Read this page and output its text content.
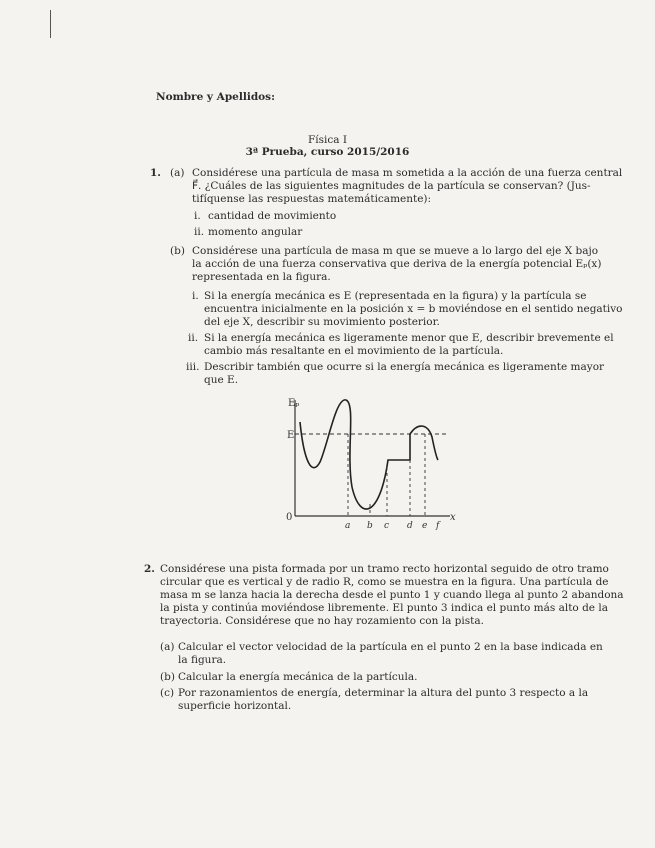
Nombre y Apellidos:
Física I
3ª Prueba, curso 2015/2016
1. (a) Considérese una partícula de masa m sometida a la acción de una fuerza central
F⃗. ¿Cuáles de las siguientes magnitudes de la partícula se conservan? (Jus-
tifíquense las respuestas matemáticamente):
i. cantidad de movimiento
ii. momento angular
(b) Considérese una partícula de masa m que se mueve a lo largo del eje X bajo
la acción de una fuerza conservativa que deriva de la energía potencial Eₚ(x)
representada en la figura.
i. Si la energía mecánica es E (representada en la figura) y la partícula se
encuentra inicialmente en la posición x = b moviéndose en el sentido negativo
del eje X, describir su movimiento posterior.
ii. Si la energía mecánica es ligeramente menor que E, describir brevemente el
cambio más resaltante en el movimiento de la partícula.
iii. Describir también que ocurre si la energía mecánica es ligeramente mayor
que E.
Eₚ
E
0	x
a b c d e f
2. Considérese una pista formada por un tramo recto horizontal seguido de otro tramo
circular que es vertical y de radio R, como se muestra en la figura. Una partícula de
masa m se lanza hacia la derecha desde el punto 1 y cuando llega al punto 2 abandona
la pista y continúa moviéndose libremente. El punto 3 indica el punto más alto de la
trayectoria. Considérese que no hay rozamiento con la pista.
(a) Calcular el vector velocidad de la partícula en el punto 2 en la base indicada en
la figura.
(b) Calcular la energía mecánica de la partícula.
(c) Por razonamientos de energía, determinar la altura del punto 3 respecto a la
superficie horizontal.
